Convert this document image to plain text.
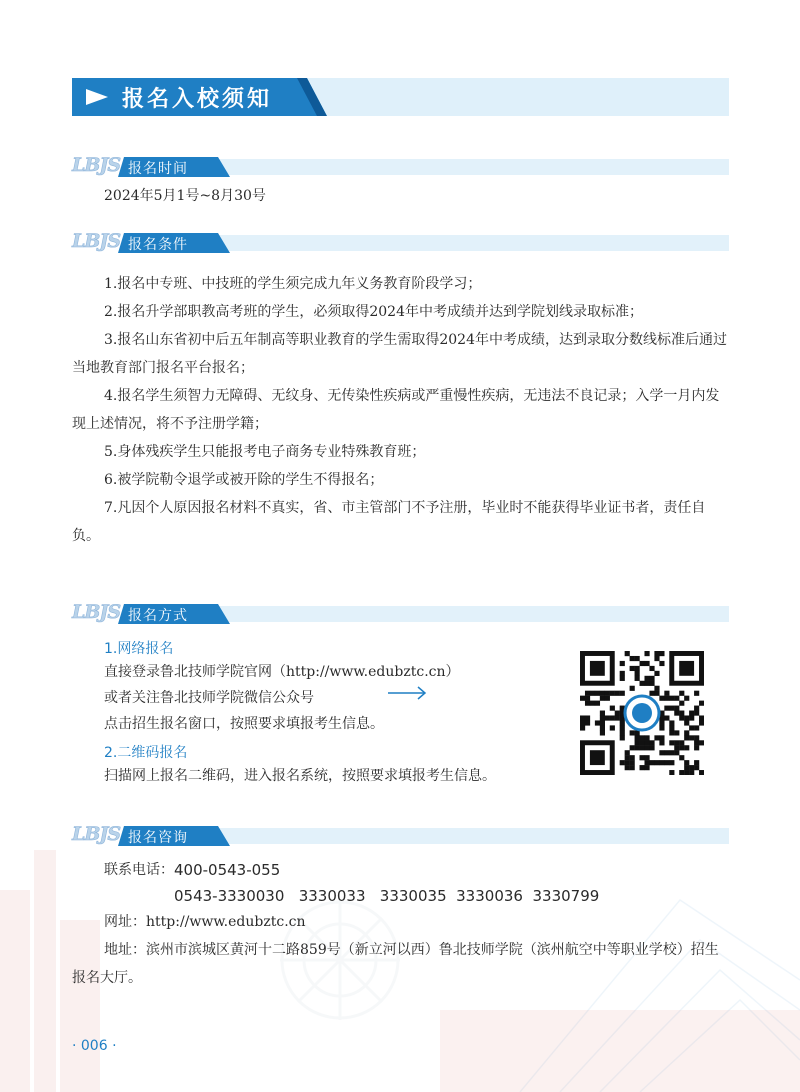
报名入校须知
LBJS 报名时间
2024年5月1号~8月30号
LBJS 报名条件

1.报名中专班、中技班的学生须完成九年义务教育阶段学习；

2.报名升学部职教高考班的学生，必须取得2024年中考成绩并达到学院划线录取标准；

3.报名山东省初中后五年制高等职业教育的学生需取得2024年中考成绩，达到录取分数线标准后通过当地教育部门报名平台报名；

4.报名学生须智力无障碍、无纹身、无传染性疾病或严重慢性疾病，无违法不良记录；入学一月内发现上述情况，将不予注册学籍；

5.身体残疾学生只能报考电子商务专业特殊教育班；

6.被学院勒令退学或被开除的学生不得报名；

7.凡因个人原因报名材料不真实，省、市主管部门不予注册，毕业时不能获得毕业证书者，责任自负。

LBJS 报名方式
1.网络报名
直接登录鲁北技师学院官网（http://www.edubztc.cn）
或者关注鲁北技师学院微信公众号
点击招生报名窗口，按照要求填报考生信息。
2.二维码报名
扫描网上报名二维码，进入报名系统，按照要求填报考生信息。
LBJS 报名咨询
联系电话： 400-0543-055
0543-3330030   3330033   3330035  3330036  3330799
网址： http://www.edubztc.cn

地址：滨州市滨城区黄河十二路859号（新立河以西）鲁北技师学院（滨州航空中等职业学校）招生报名大厅。

· 006 ·
